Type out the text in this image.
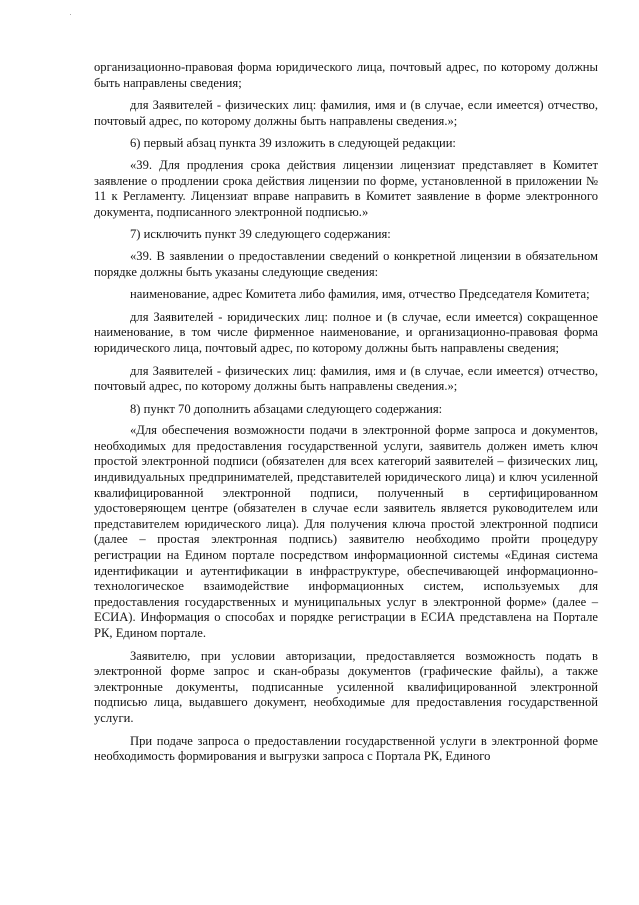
организационно-правовая форма юридического лица, почтовый адрес, по которому должны быть направлены сведения;

для Заявителей - физических лиц: фамилия, имя и (в случае, если имеется) отчество, почтовый адрес, по которому должны быть направлены сведения.»;

6) первый абзац пункта 39 изложить в следующей редакции:

«39. Для продления срока действия лицензии лицензиат представляет в Комитет заявление о продлении срока действия лицензии по форме, установленной в приложении № 11 к Регламенту. Лицензиат вправе направить в Комитет заявление в форме электронного документа, подписанного электронной подписью.»

7) исключить пункт 39 следующего содержания:

«39. В заявлении о предоставлении сведений о конкретной лицензии в обязательном порядке должны быть указаны следующие сведения:

наименование, адрес Комитета либо фамилия, имя, отчество Председателя Комитета;

для Заявителей - юридических лиц: полное и (в случае, если имеется) сокращенное наименование, в том числе фирменное наименование, и организационно-правовая форма юридического лица, почтовый адрес, по которому должны быть направлены сведения;

для Заявителей - физических лиц: фамилия, имя и (в случае, если имеется) отчество, почтовый адрес, по которому должны быть направлены сведения.»;

8) пункт 70 дополнить абзацами следующего содержания:

«Для обеспечения возможности подачи в электронной форме запроса и документов, необходимых для предоставления государственной услуги, заявитель должен иметь ключ простой электронной подписи (обязателен для всех категорий заявителей – физических лиц, индивидуальных предпринимателей, представителей юридического лица) и ключ усиленной квалифицированной электронной подписи, полученный в сертифицированном удостоверяющем центре (обязателен в случае если заявитель является руководителем или представителем юридического лица). Для получения ключа простой электронной подписи (далее – простая электронная подпись) заявителю необходимо пройти процедуру регистрации на Едином портале посредством информационной системы «Единая система идентификации и аутентификации в инфраструктуре, обеспечивающей информационно-технологическое взаимодействие информационных систем, используемых для предоставления государственных и муниципальных услуг в электронной форме» (далее – ЕСИА). Информация о способах и порядке регистрации в ЕСИА представлена на Портале РК, Едином портале.

Заявителю, при условии авторизации, предоставляется возможность подать в электронной форме запрос и скан-образы документов (графические файлы), а также электронные документы, подписанные усиленной квалифицированной электронной подписью лица, выдавшего документ, необходимые для предоставления государственной услуги.

При подаче запроса о предоставлении государственной услуги в электронной форме необходимость формирования и выгрузки запроса с Портала РК, Единого
